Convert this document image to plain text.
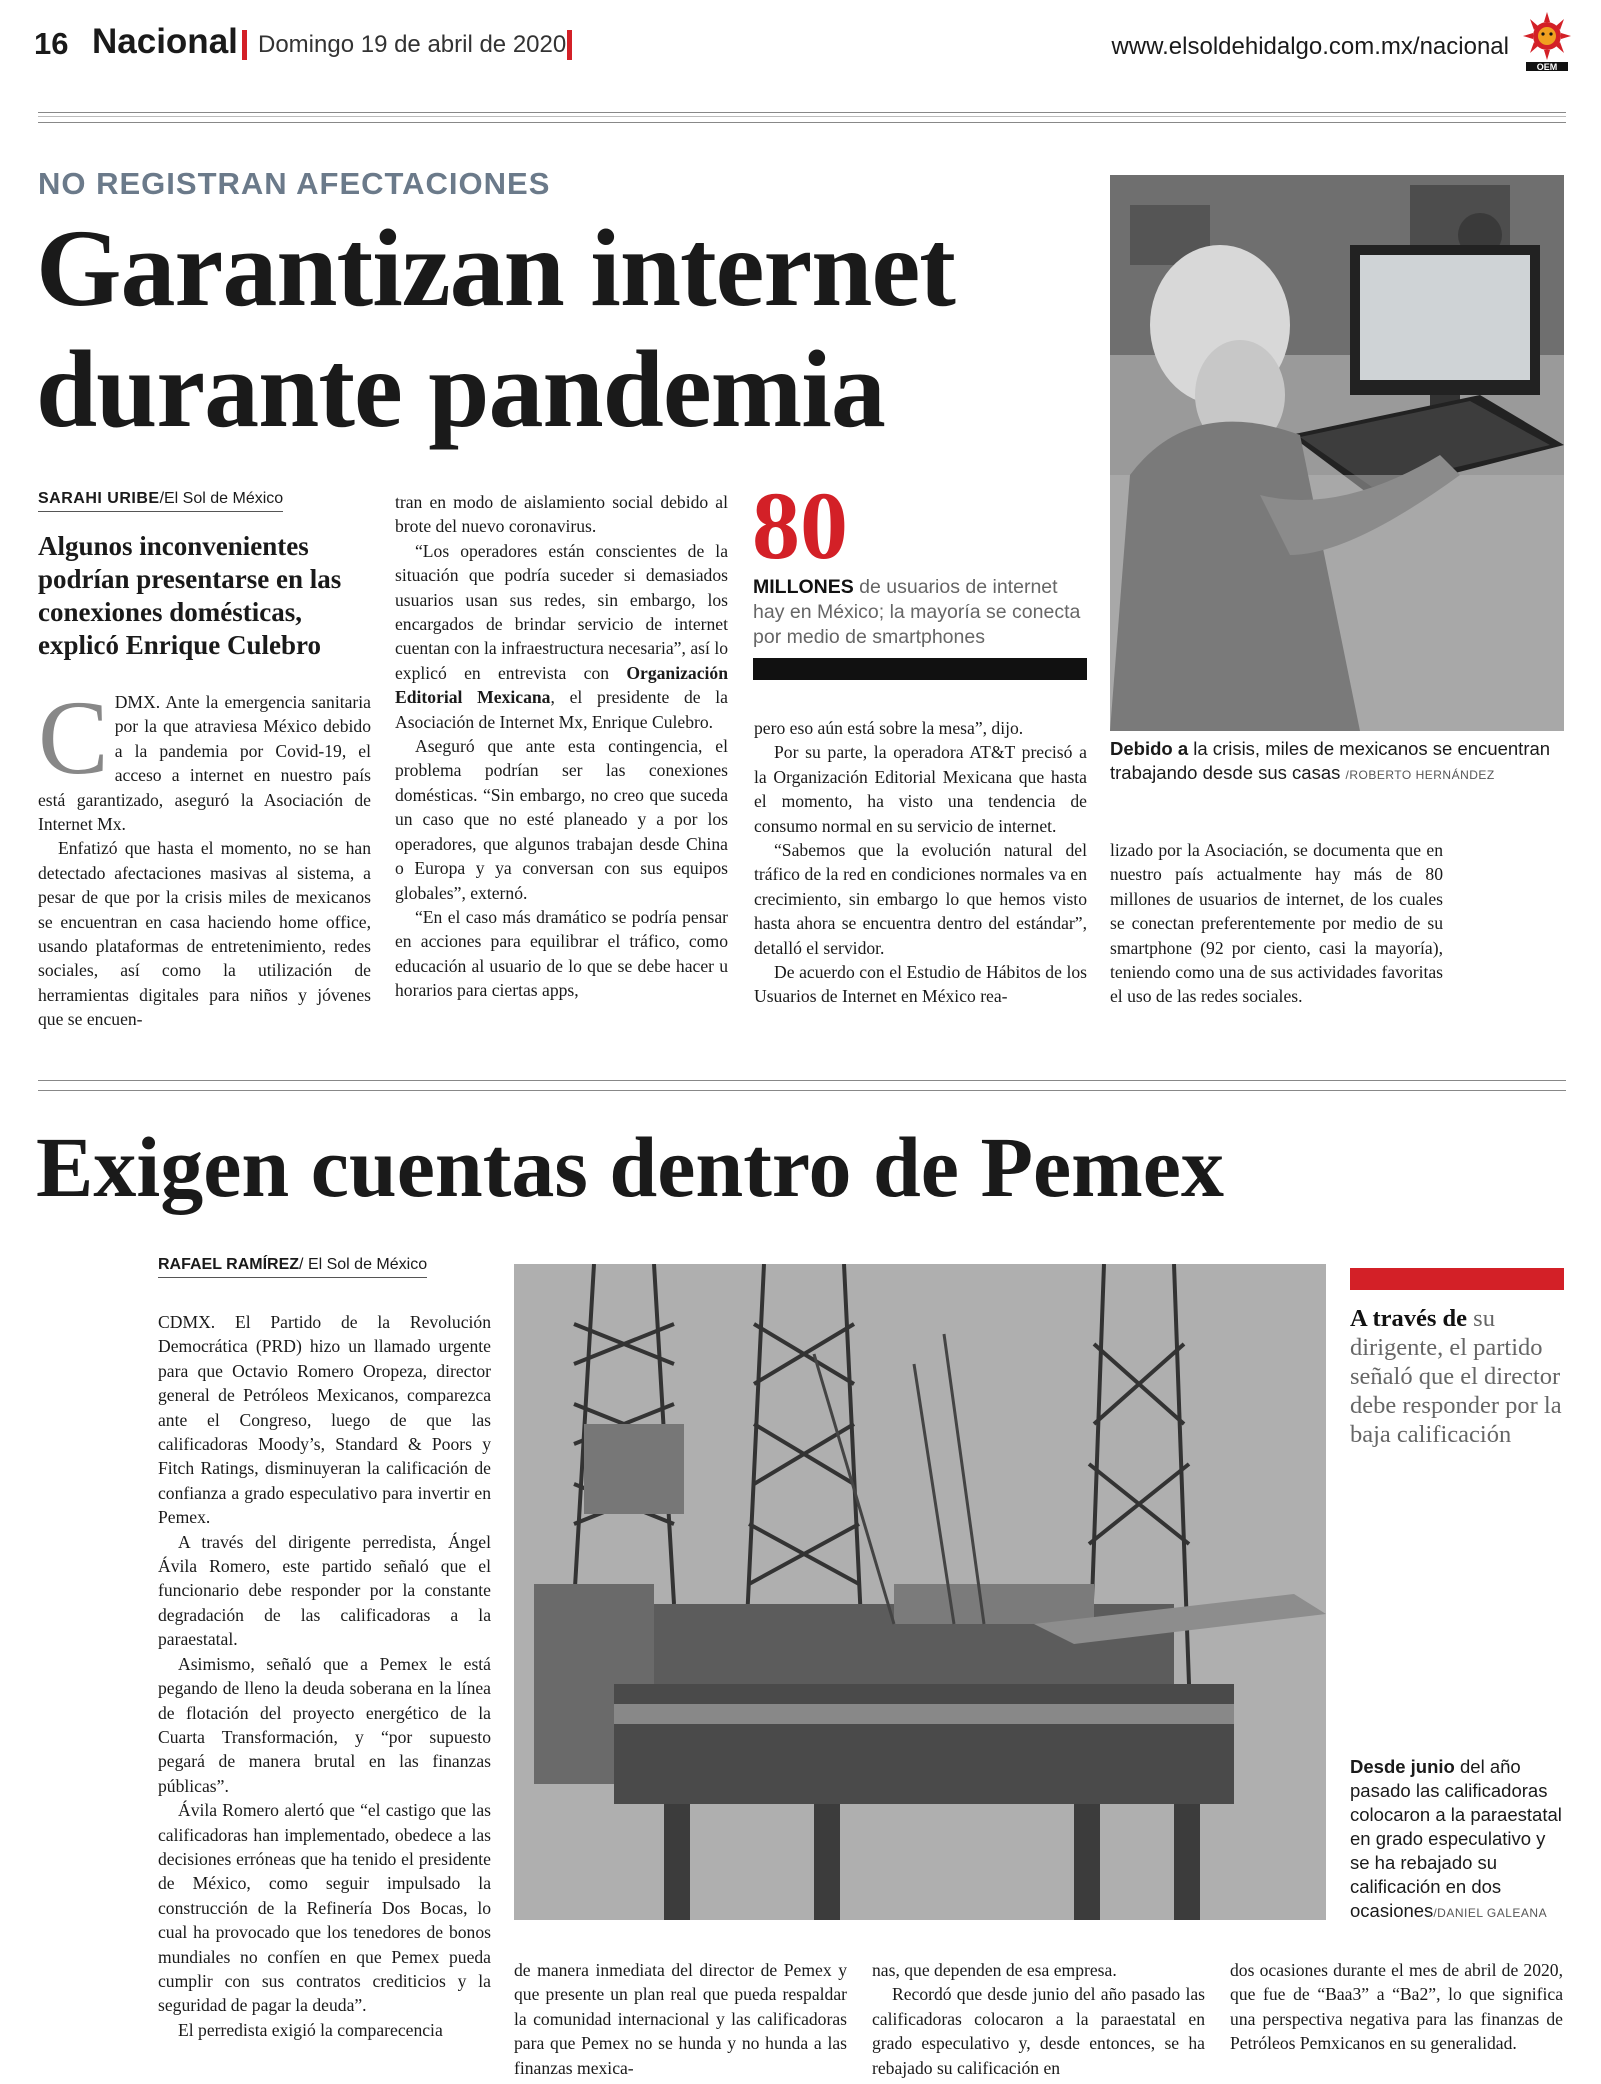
16 Nacional Domingo 19 de abril de 2020	www.elsoldehidalgo.com.mx/nacional
OEM
NO REGISTRAN AFECTACIONES
Garantizan internet
durante pandemia
SARAHI URIBE/El Sol de México
Algunos inconvenientes podrían presentarse en las conexiones domésticas, explicó Enrique Culebro
C DMX. Ante la emergencia sanitaria por la que atraviesa México debido a la pandemia por Covid-19, el acceso a internet en nuestro país está garantizado, aseguró la Asociación de Internet Mx.

Enfatizó que hasta el momento, no se han detectado afectaciones masivas al sistema, a pesar de que por la crisis miles de mexicanos se encuentran en casa haciendo home office, usando plataformas de entretenimiento, redes sociales, así como la utilización de herramientas digitales para niños y jóvenes que se encuen-

tran en modo de aislamiento social debido al brote del nuevo coronavirus.

“Los operadores están conscientes de la situación que podría suceder si demasiados usuarios usan sus redes, sin embargo, los encargados de brindar servicio de internet cuentan con la infraestructura necesaria”, así lo explicó en entrevista con Organización Editorial Mexicana, el presidente de la Asociación de Internet Mx, Enrique Culebro.

Aseguró que ante esta contingencia, el problema podrían ser las conexiones domésticas. “Sin embargo, no creo que suceda un caso que no esté planeado y a por los operadores, que algunos trabajan desde China o Europa y ya conversan con sus equipos globales”, externó.

“En el caso más dramático se podría pensar en acciones para equilibrar el tráfico, como educación al usuario de lo que se debe hacer u horarios para ciertas apps,

80
MILLONES de usuarios de internet hay en México; la mayoría se conecta por medio de smartphones

pero eso aún está sobre la mesa”, dijo.

Por su parte, la operadora AT&T precisó a la Organización Editorial Mexicana que hasta el momento, ha visto una tendencia de consumo normal en su servicio de internet.

“Sabemos que la evolución natural del tráfico de la red en condiciones normales va en crecimiento, sin embargo lo que hemos visto hasta ahora se encuentra dentro del estándar”, detalló el servidor.

De acuerdo con el Estudio de Hábitos de los Usuarios de Internet en México rea-

lizado por la Asociación, se documenta que en nuestro país actualmente hay más de 80 millones de usuarios de internet, de los cuales se conectan preferentemente por medio de su smartphone (92 por ciento, casi la mayoría), teniendo como una de sus actividades favoritas el uso de las redes sociales.

Debido a la crisis, miles de mexicanos se encuentran trabajando desde sus casas /ROBERTO HERNÁNDEZ
Exigen cuentas dentro de Pemex
RAFAEL RAMÍREZ/ El Sol de México

CDMX. El Partido de la Revolución Democrática (PRD) hizo un llamado urgente para que Octavio Romero Oropeza, director general de Petróleos Mexicanos, comparezca ante el Congreso, luego de que las calificadoras Moody’s, Standard & Poors y Fitch Ratings, disminuyeran la calificación de confianza a grado especulativo para invertir en Pemex.

A través del dirigente perredista, Ángel Ávila Romero, este partido señaló que el funcionario debe responder por la constante degradación de las calificadoras a la paraestatal.

Asimismo, señaló que a Pemex le está pegando de lleno la deuda soberana en la línea de flotación del proyecto energético de la Cuarta Transformación, y “por supuesto pegará de manera brutal en las finanzas públicas”.

Ávila Romero alertó que “el castigo que las calificadoras han implementado, obedece a las decisiones erróneas que ha tenido el presidente de México, como seguir impulsado la construcción de la Refinería Dos Bocas, lo cual ha provocado que los tenedores de bonos mundiales no confíen en que Pemex pueda cumplir con sus contratos crediticios y la seguridad de pagar la deuda”.

El perredista exigió la comparecencia

A través de su dirigente, el partido señaló que el director debe responder por la baja calificación
Desde junio del año pasado las calificadoras colocaron a la paraestatal en grado especulativo y se ha rebajado su calificación en dos ocasiones/DANIEL GALEANA

de manera inmediata del director de Pemex y que presente un plan real que pueda respaldar la comunidad internacional y las calificadoras para que Pemex no se hunda y no hunda a las finanzas mexica-

nas, que dependen de esa empresa.

Recordó que desde junio del año pasado las calificadoras colocaron a la paraestatal en grado especulativo y, desde entonces, se ha rebajado su calificación en

dos ocasiones durante el mes de abril de 2020, que fue de “Baa3” a “Ba2”, lo que significa una perspectiva negativa para las finanzas de Petróleos Pemxicanos en su generalidad.
